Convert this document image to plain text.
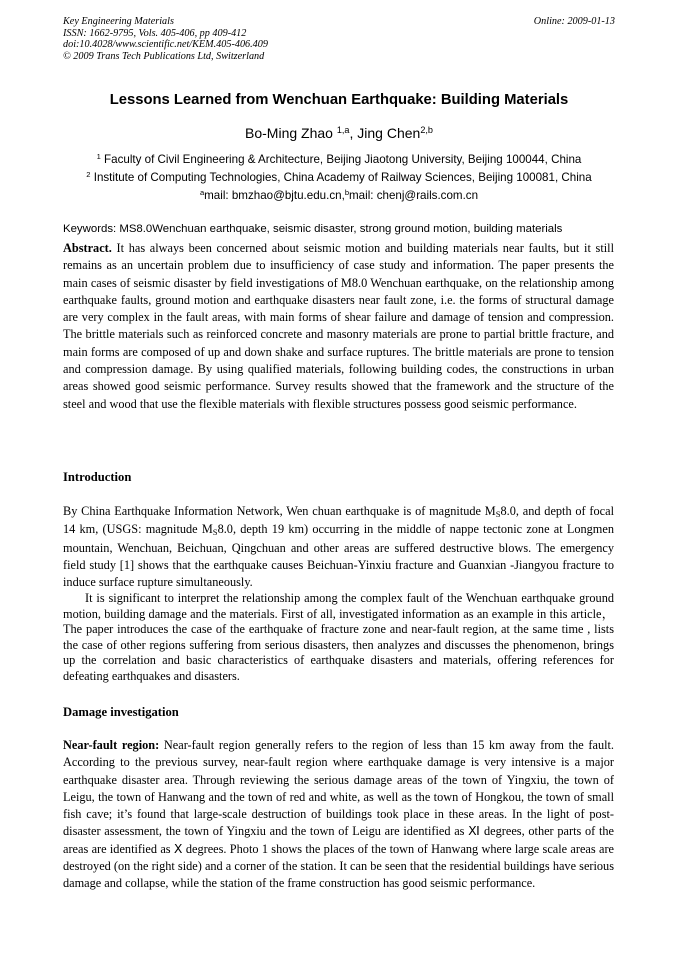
Key Engineering Materials
ISSN: 1662-9795, Vols. 405-406, pp 409-412
doi:10.4028/www.scientific.net/KEM.405-406.409
© 2009 Trans Tech Publications Ltd, Switzerland
Online: 2009-01-13
Lessons Learned from Wenchuan Earthquake: Building Materials
Bo-Ming Zhao $^{1,a}$, Jing Chen$^{2,b}$
$^1$ Faculty of Civil Engineering & Architecture, Beijing Jiaotong University, Beijing 100044, China
$^2$ Institute of Computing Technologies, China Academy of Railway Sciences, Beijing 100081, China
$^a$mail: bmzhao@bjtu.edu.cn,$^b$mail: chenj@rails.com.cn
Keywords: MS8.0Wenchuan earthquake, seismic disaster, strong ground motion, building materials
Abstract. It has always been concerned about seismic motion and building materials near faults, but it still remains as an uncertain problem due to insufficiency of case study and information. The paper presents the main cases of seismic disaster by field investigations of M8.0 Wenchuan earthquake, on the relationship among earthquake faults, ground motion and earthquake disasters near fault zone, i.e. the forms of structural damage are very complex in the fault areas, with main forms of shear failure and damage of tension and compression. The brittle materials such as reinforced concrete and masonry materials are prone to partial brittle fracture, and main forms are composed of up and down shake and surface ruptures. The brittle materials are prone to tension and compression damage. By using qualified materials, following building codes, the constructions in urban areas showed good seismic performance. Survey results showed that the framework and the structure of the steel and wood that use the flexible materials with flexible structures possess good seismic performance.
Introduction
By China Earthquake Information Network, Wen chuan earthquake is of magnitude $M_S8.0$, and depth of focal 14 km, (USGS: magnitude $M_S8.0$, depth 19 km) occurring in the middle of nappe tectonic zone at Longmen mountain, Wenchuan, Beichuan, Qingchuan and other areas are suffered destructive blows. The emergency field study [1] shows that the earthquake causes Beichuan-Yinxiu fracture and Guanxian -Jiangyou fracture to induce surface rupture simultaneously.
It is significant to interpret the relationship among the complex fault of the Wenchuan earthquake ground motion, building damage and the materials. First of all, investigated information as an example in this article，The paper introduces the case of the earthquake of fracture zone and near-fault region, at the same time , lists the case of other regions suffering from serious disasters, then analyzes and discusses the phenomenon, brings up the correlation and basic characteristics of earthquake disasters and materials, offering references for defeating earthquakes and disasters.
Damage investigation
Near-fault region: Near-fault region generally refers to the region of less than 15 km away from the fault. According to the previous survey, near-fault region where earthquake damage is very intensive is a major earthquake disaster area. Through reviewing the serious damage areas of the town of Yingxiu, the town of Leigu, the town of Hanwang and the town of red and white, as well as the town of Hongkou, the town of small fish cave; it’s found that large-scale destruction of buildings took place in these areas. In the light of post-disaster assessment, the town of Yingxiu and the town of Leigu are identified as Ⅺ degrees, other parts of the areas are identified as Ⅹ degrees. Photo 1 shows the places of the town of Hanwang where large scale areas are destroyed (on the right side) and a corner of the station. It can be seen that the residential buildings have serious damage and collapse, while the station of the frame construction has good seismic performance.
